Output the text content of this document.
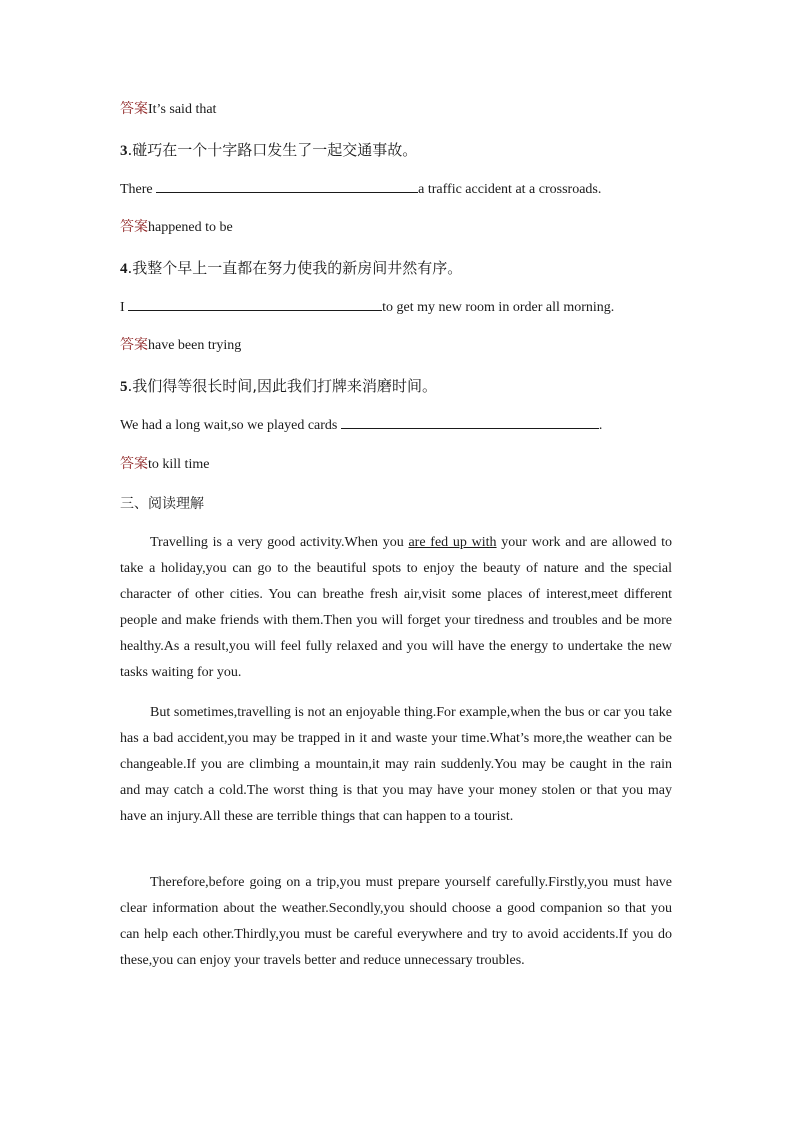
答案It’s said that
3.碰巧在一个十字路口发生了一起交通事故。
There	a traffic accident at a crossroads.
答案happened to be
4.我整个早上一直都在努力使我的新房间井然有序。
I	to get my new room in order all morning.
答案have been trying
5.我们得等很长时间,因此我们打牌来消磨时间。
We had a long wait,so we played cards	.
答案to kill time
三、阅读理解
Travelling is a very good activity.When you are fed up with your work and are allowed to take a holiday,you can go to the beautiful spots to enjoy the beauty of nature and the special character of other cities. You can breathe fresh air,visit some places of interest,meet different people and make friends with them.Then you will forget your tiredness and troubles and be more healthy.As a result,you will feel fully relaxed and you will have the energy to undertake the new tasks waiting for you.
But sometimes,travelling is not an enjoyable thing.For example,when the bus or car you take has a bad accident,you may be trapped in it and waste your time.What’s more,the weather can be changeable.If you are climbing a mountain,it may rain suddenly.You may be caught in the rain and may catch a cold.The worst thing is that you may have your money stolen or that you may have an injury.All these are terrible things that can happen to a tourist.
Therefore,before going on a trip,you must prepare yourself carefully.Firstly,you must have clear information about the weather.Secondly,you should choose a good companion so that you can help each other.Thirdly,you must be careful everywhere and try to avoid accidents.If you do these,you can enjoy your travels better and reduce unnecessary troubles.
